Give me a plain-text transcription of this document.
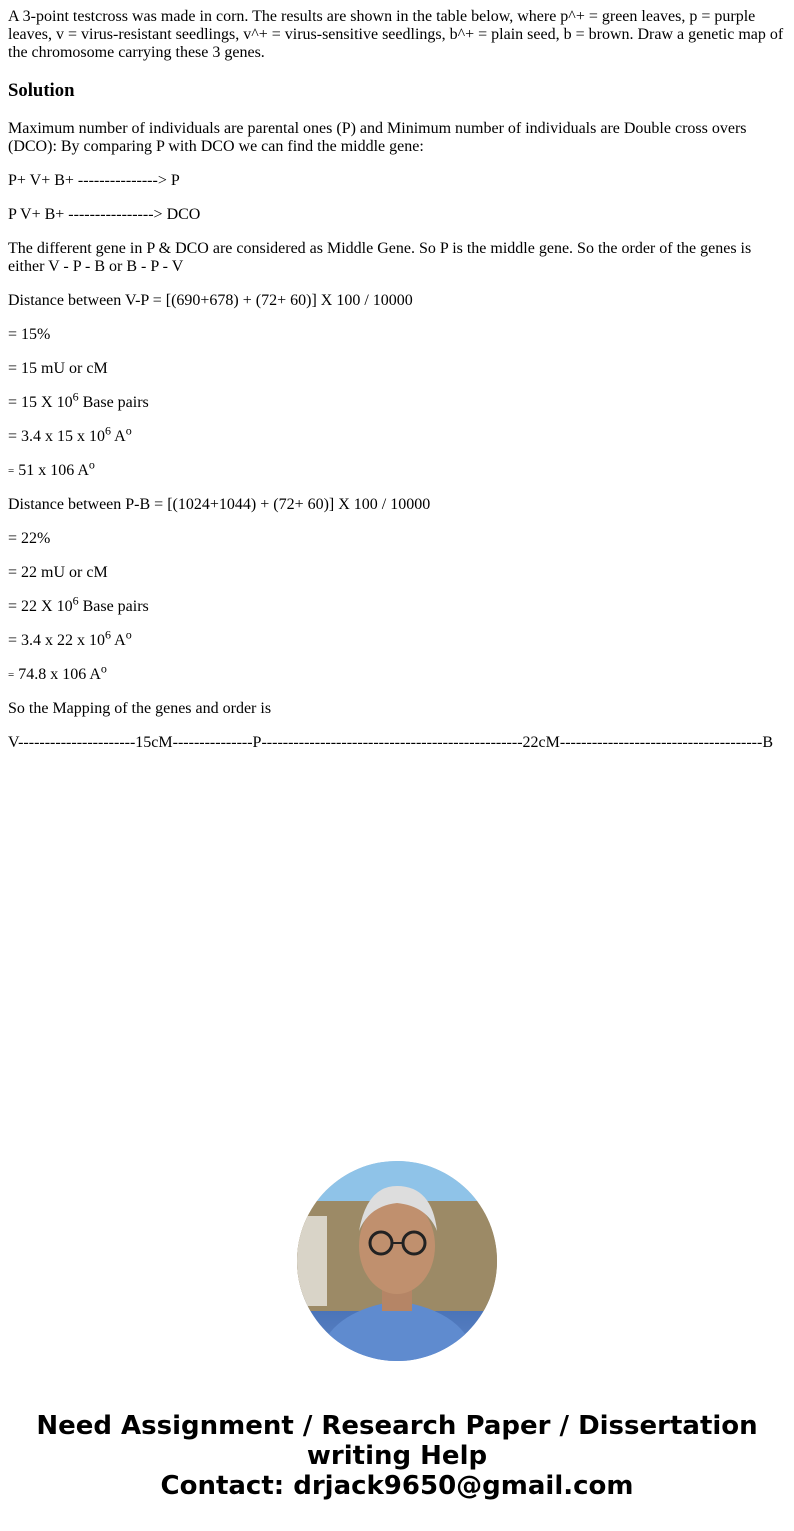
A 3-point testcross was made in corn. The results are shown in the table below, where p^+ = green leaves, p = purple leaves, v = virus-resistant seedlings, v^+ = virus-sensitive seedlings, b^+ = plain seed, b = brown. Draw a genetic map of the chromosome carrying these 3 genes.

Solution

Maximum number of individuals are parental ones (P) and Minimum number of individuals are Double cross overs (DCO): By comparing P with DCO we can find the middle gene:

P+ V+ B+ ---------------> P

P V+ B+ ----------------> DCO

The different gene in P & DCO are considered as Middle Gene. So P is the middle gene. So the order of the genes is either V - P - B or B - P - V

Distance between V-P = [(690+678) + (72+ 60)] X 100 / 10000

= 15%

= 15 mU or cM

= 15 X $10^6$ Base pairs

= 3.4 x 15 x $10^6$ $A^o$

= 51 x 106 $A^o$

Distance between P-B = [(1024+1044) + (72+ 60)] X 100 / 10000

= 22%

= 22 mU or cM

= 22 X $10^6$ Base pairs

= 3.4 x 22 x $10^6$ $A^o$

= 74.8 x 106 $A^o$

So the Mapping of the genes and order is

V----------------------15cM---------------P-------------------------------------------------22cM--------------------------------------B

Need Assignment / Research Paper / Dissertation
writing Help
Contact: drjack9650@gmail.com
